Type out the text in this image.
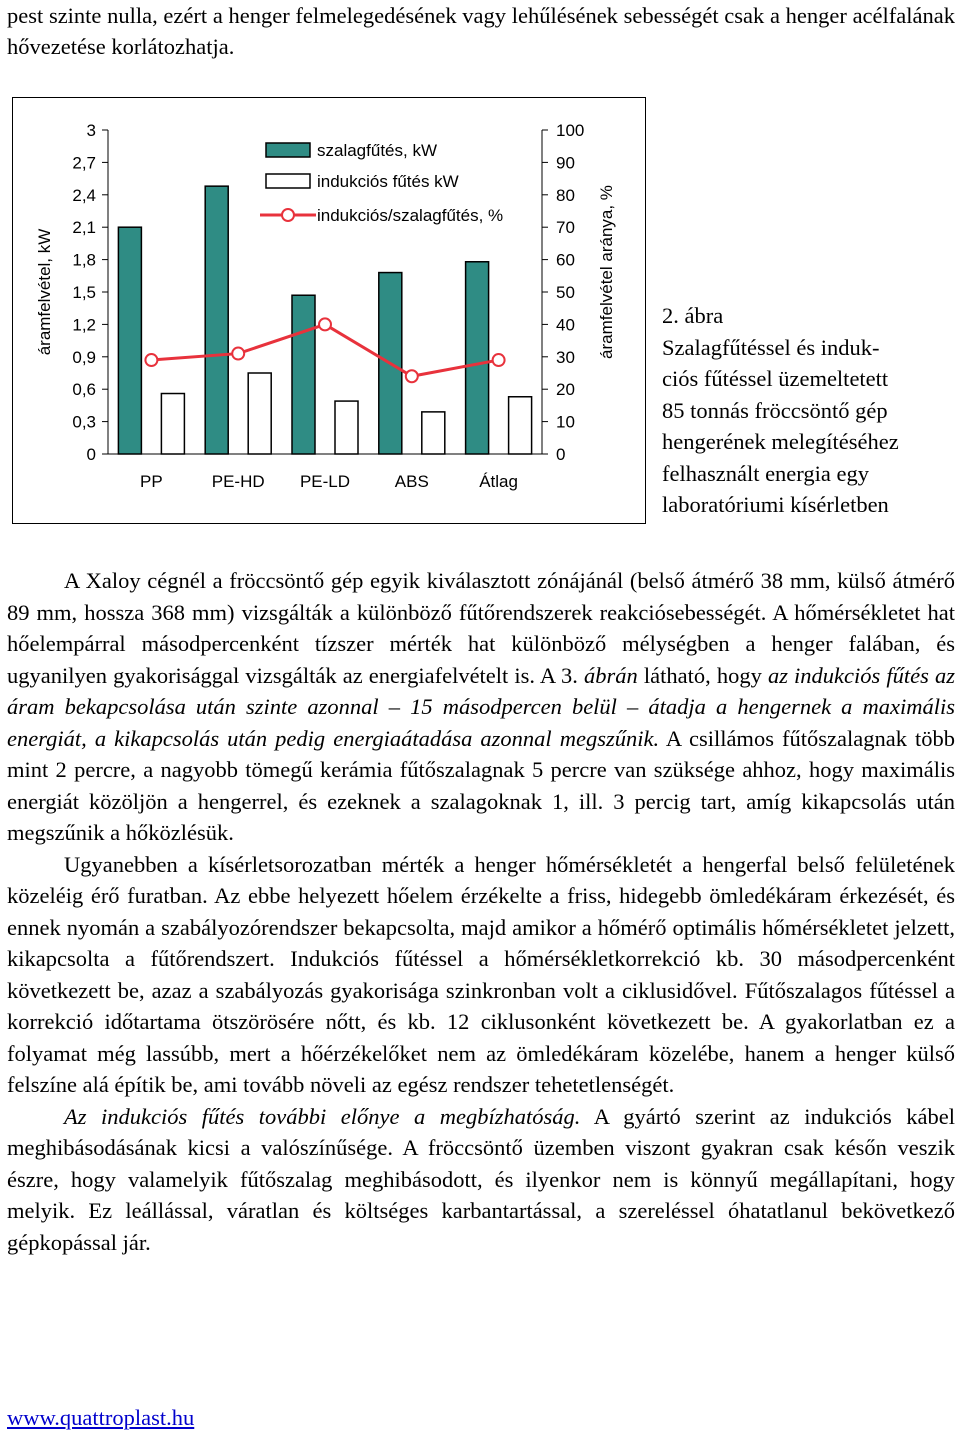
pest szinte nulla, ezért a henger felmelegedésének vagy lehűlésének sebességét csak a henger acélfalának hővezetése korlátozhatja.

0
0,3
0,6
0,9
1,2
1,5
1,8
2,1
2,4
2,7
3
0
10
20
30
40
50
60
70
80
90
100
áramfelvétel, kW	áramfelvétel aránya, %
PP	PE-HD PE-LD	ABS	Átlag
szalagfűtés, kW
indukciós fűtés kW
indukciós/szalagfűtés, %

2. ábra
Szalagfűtéssel és induk-
ciós fűtéssel üzemeltetett
85 tonnás fröccsöntő gép
hengerének melegítéséhez
felhasznált energia egy
laboratóriumi kísérletben

A Xaloy cégnél a fröccsöntő gép egyik kiválasztott zónájánál (belső átmérő 38 mm, külső átmérő 89 mm, hossza 368 mm) vizsgálták a különböző fűtőrendszerek reakciósebességét. A hőmérsékletet hat hőelempárral másodpercenként tízszer mérték hat különböző mélységben a henger falában, és ugyanilyen gyakorisággal vizsgálták az energiafelvételt is. A 3. ábrán látható, hogy az indukciós fűtés az áram bekapcsolása után szinte azonnal – 15 másodpercen belül – átadja a hengernek a maximális energiát, a kikapcsolás után pedig energiaátadása azonnal megszűnik. A csillámos fűtőszalagnak több mint 2 percre, a nagyobb tömegű kerámia fűtőszalagnak 5 percre van szüksége ahhoz, hogy maximális energiát közöljön a hengerrel, és ezeknek a szalagoknak 1, ill. 3 percig tart, amíg kikapcsolás után megszűnik a hőközlésük.

Ugyanebben a kísérletsorozatban mérték a henger hőmérsékletét a hengerfal belső felületének közeléig érő furatban. Az ebbe helyezett hőelem érzékelte a friss, hidegebb ömledékáram érkezését, és ennek nyomán a szabályozórendszer bekapcsolta, majd amikor a hőmérő optimális hőmérsékletet jelzett, kikapcsolta a fűtőrendszert. Indukciós fűtéssel a hőmérsékletkorrekció kb. 30 másodpercenként következett be, azaz a szabályozás gyakorisága szinkronban volt a ciklusidővel. Fűtőszalagos fűtéssel a korrekció időtartama ötszörösére nőtt, és kb. 12 ciklusonként következett be. A gyakorlatban ez a folyamat még lassúbb, mert a hőérzékelőket nem az ömledékáram közelébe, hanem a henger külső felszíne alá építik be, ami tovább növeli az egész rendszer tehetetlenségét.

Az indukciós fűtés további előnye a megbízhatóság. A gyártó szerint az indukciós kábel meghibásodásának kicsi a valószínűsége. A fröccsöntő üzemben viszont gyakran csak későn veszik észre, hogy valamelyik fűtőszalag meghibásodott, és ilyenkor nem is könnyű megállapítani, hogy melyik. Ez leállással, váratlan és költséges karbantartással, a szereléssel óhatatlanul bekövetkező gépkopással jár.

www.quattroplast.hu
